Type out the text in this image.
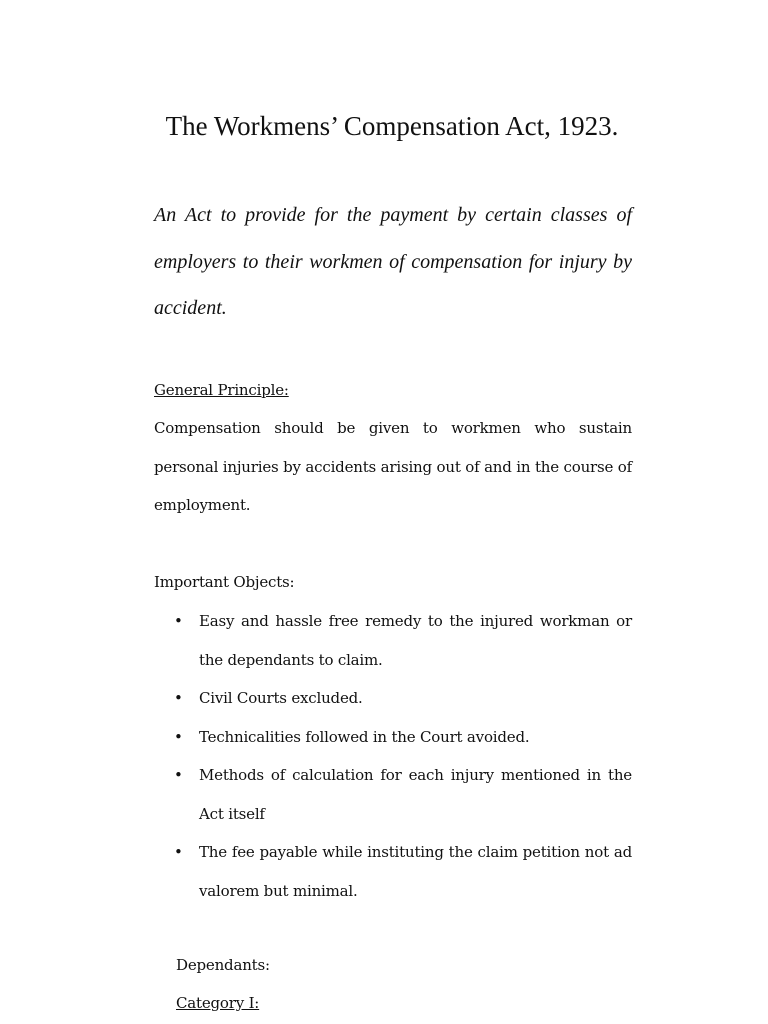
The Workmens’ Compensation Act, 1923.

An Act to provide for the payment by certain classes of employers to their workmen of compensation for injury by accident.

General Principle:

Compensation should be given to workmen who sustain personal injuries by accidents arising out of and in the course of employment.

Important Objects:
• Easy and hassle free remedy to the injured workman or the dependants to claim.
• Civil Courts excluded.
• Technicalities followed in the Court avoided.
• Methods of calculation for each injury mentioned in the Act itself
• The fee payable while instituting the claim petition not ad valorem but minimal.
Dependants:
Category I:
